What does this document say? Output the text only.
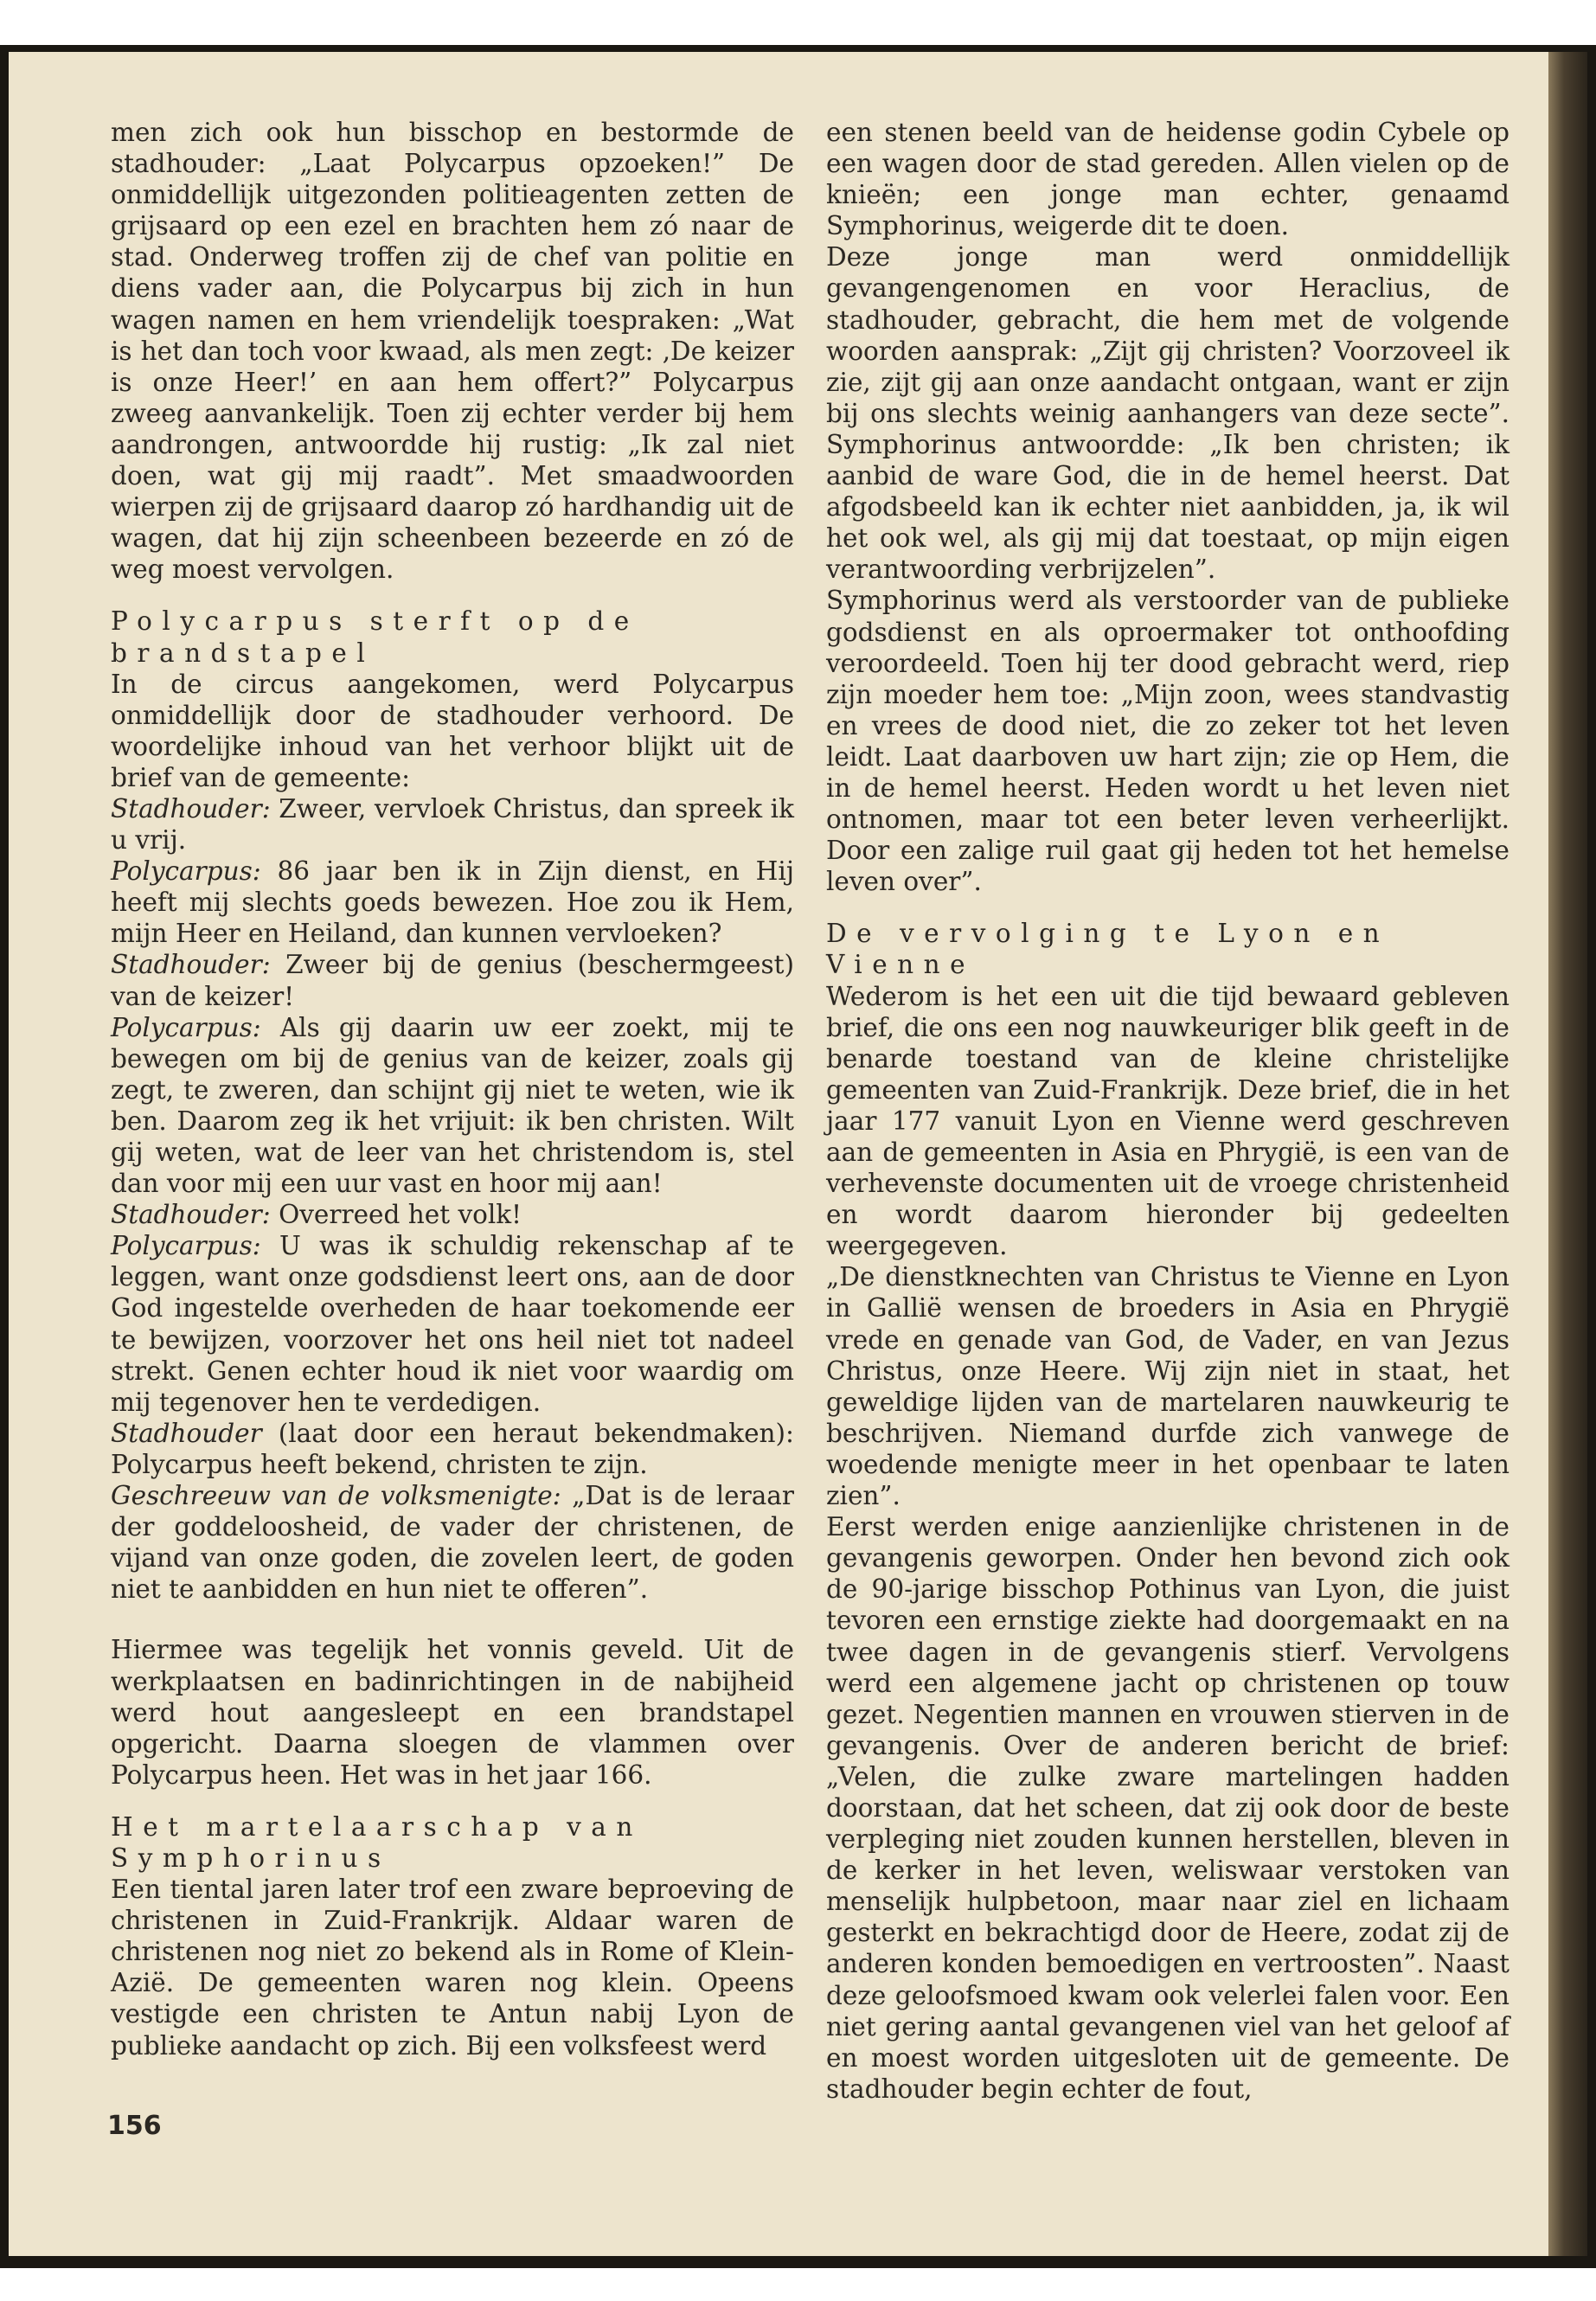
men zich ook hun bisschop en bestormde de stadhouder: „Laat Polycarpus opzoeken!” De onmiddellijk uitgezonden politieagenten zetten de grijsaard op een ezel en brachten hem zó naar de stad. Onderweg troffen zij de chef van politie en diens vader aan, die Polycarpus bij zich in hun wagen namen en hem vriendelijk toespraken: „Wat is het dan toch voor kwaad, als men zegt: ‚De keizer is onze Heer!’ en aan hem offert?” Polycarpus zweeg aanvankelijk. Toen zij echter verder bij hem aandrongen, antwoordde hij rustig: „Ik zal niet doen, wat gij mij raadt”. Met smaadwoorden wierpen zij de grijsaard daarop zó hardhandig uit de wagen, dat hij zijn scheenbeen bezeerde en zó de weg moest vervolgen.

Polycarpus sterft op de brandstapel

In de circus aangekomen, werd Polycarpus onmiddellijk door de stadhouder verhoord. De woordelijke inhoud van het verhoor blijkt uit de brief van de gemeente:

Stadhouder: Zweer, vervloek Christus, dan spreek ik u vrij.

Polycarpus: 86 jaar ben ik in Zijn dienst, en Hij heeft mij slechts goeds bewezen. Hoe zou ik Hem, mijn Heer en Heiland, dan kunnen vervloeken?

Stadhouder: Zweer bij de genius (beschermgeest) van de keizer!

Polycarpus: Als gij daarin uw eer zoekt, mij te bewegen om bij de genius van de keizer, zoals gij zegt, te zweren, dan schijnt gij niet te weten, wie ik ben. Daarom zeg ik het vrijuit: ik ben christen. Wilt gij weten, wat de leer van het christendom is, stel dan voor mij een uur vast en hoor mij aan!

Stadhouder: Overreed het volk!

Polycarpus: U was ik schuldig rekenschap af te leggen, want onze godsdienst leert ons, aan de door God ingestelde overheden de haar toekomende eer te bewijzen, voorzover het ons heil niet tot nadeel strekt. Genen echter houd ik niet voor waardig om mij tegenover hen te verdedigen.

Stadhouder (laat door een heraut bekendmaken): Polycarpus heeft bekend, christen te zijn.

Geschreeuw van de volksmenigte: „Dat is de leraar der goddeloosheid, de vader der christenen, de vijand van onze goden, die zovelen leert, de goden niet te aanbidden en hun niet te offeren”.

Hiermee was tegelijk het vonnis geveld. Uit de werkplaatsen en badinrichtingen in de nabijheid werd hout aangesleept en een brandstapel opgericht. Daarna sloegen de vlammen over Polycarpus heen. Het was in het jaar 166.

Het martelaarschap van Symphorinus

Een tiental jaren later trof een zware beproeving de christenen in Zuid-Frankrijk. Aldaar waren de christenen nog niet zo bekend als in Rome of Klein-Azië. De gemeenten waren nog klein. Opeens vestigde een christen te Antun nabij Lyon de publieke aandacht op zich. Bij een volksfeest werd

een stenen beeld van de heidense godin Cybele op een wagen door de stad gereden. Allen vielen op de knieën; een jonge man echter, genaamd Symphorinus, weigerde dit te doen.

Deze jonge man werd onmiddellijk gevangengenomen en voor Heraclius, de stadhouder, gebracht, die hem met de volgende woorden aansprak: „Zijt gij christen? Voorzoveel ik zie, zijt gij aan onze aandacht ontgaan, want er zijn bij ons slechts weinig aanhangers van deze secte”. Symphorinus antwoordde: „Ik ben christen; ik aanbid de ware God, die in de hemel heerst. Dat afgodsbeeld kan ik echter niet aanbidden, ja, ik wil het ook wel, als gij mij dat toestaat, op mijn eigen verantwoording verbrijzelen”.

Symphorinus werd als verstoorder van de publieke godsdienst en als oproermaker tot onthoofding veroordeeld. Toen hij ter dood gebracht werd, riep zijn moeder hem toe: „Mijn zoon, wees standvastig en vrees de dood niet, die zo zeker tot het leven leidt. Laat daarboven uw hart zijn; zie op Hem, die in de hemel heerst. Heden wordt u het leven niet ontnomen, maar tot een beter leven verheerlijkt. Door een zalige ruil gaat gij heden tot het hemelse leven over”.

De vervolging te Lyon en Vienne

Wederom is het een uit die tijd bewaard gebleven brief, die ons een nog nauwkeuriger blik geeft in de benarde toestand van de kleine christelijke gemeenten van Zuid-Frankrijk. Deze brief, die in het jaar 177 vanuit Lyon en Vienne werd geschreven aan de gemeenten in Asia en Phrygië, is een van de verhevenste documenten uit de vroege christenheid en wordt daarom hieronder bij gedeelten weergegeven.

„De dienstknechten van Christus te Vienne en Lyon in Gallië wensen de broeders in Asia en Phrygië vrede en genade van God, de Vader, en van Jezus Christus, onze Heere. Wij zijn niet in staat, het geweldige lijden van de martelaren nauwkeurig te beschrijven. Niemand durfde zich vanwege de woedende menigte meer in het openbaar te laten zien”.

Eerst werden enige aanzienlijke christenen in de gevangenis geworpen. Onder hen bevond zich ook de 90-jarige bisschop Pothinus van Lyon, die juist tevoren een ernstige ziekte had doorgemaakt en na twee dagen in de gevangenis stierf. Vervolgens werd een algemene jacht op christenen op touw gezet. Negentien mannen en vrouwen stierven in de gevangenis. Over de anderen bericht de brief: „Velen, die zulke zware martelingen hadden doorstaan, dat het scheen, dat zij ook door de beste verpleging niet zouden kunnen herstellen, bleven in de kerker in het leven, weliswaar verstoken van menselijk hulpbetoon, maar naar ziel en lichaam gesterkt en bekrachtigd door de Heere, zodat zij de anderen konden bemoedigen en vertroosten”. Naast deze geloofsmoed kwam ook velerlei falen voor. Een niet gering aantal gevangenen viel van het geloof af en moest worden uitgesloten uit de gemeente. De stadhouder begin echter de fout,

156
